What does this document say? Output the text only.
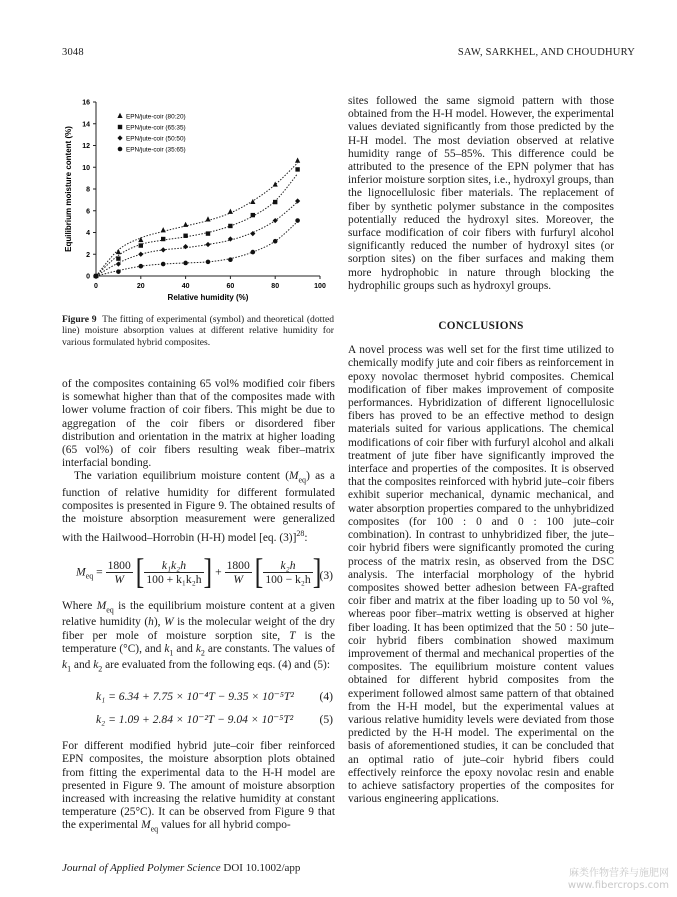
3048	SAW, SARKHEL, AND CHOUDHURY
0	20	40	60	80	100
0
2
4
6
8
10
12
14
16
Relative humidity (%)
Equilibrium moisture content (%)
EPN/jute-coir (80:20)
EPN/jute-coir (65:35)
EPN/jute-coir (50:50)
EPN/jute-coir (35:65)
Figure 9 The fitting of experimental (symbol) and theoretical (dotted line) moisture absorption values at different relative humidity for various formulated hybrid composites.

of the composites containing 65 vol% modified coir fibers is somewhat higher than that of the composites made with lower volume fraction of coir fibers. This might be due to aggregation of the coir fibers or disordered fiber distribution and orientation in the matrix at higher loading (65 vol%) of coir fibers resulting weak fiber–matrix interfacial bonding.

The variation equilibrium moisture content $(M_{eq})$ as a function of relative humidity for different formulated composites is presented in Figure 9. The obtained results of the moisture absorption measurement were generalized with the Hailwood–Horrobin (H-H) model [eq. (3)]$^{28}$:

$M_{eq} = \frac{1800}{W}$ [ $\frac{\text{k₁k₂h}}{\text{100 + k₁k₂h}}$ ] + $\frac{1800}{W}$ [ $\frac{\text{k₂h}}{\text{100 − k₂h}}$ ]
(3)

Where $M_{eq}$ is the equilibrium moisture content at a given relative humidity (h), W is the molecular weight of the dry fiber per mole of moisture sorption site, T is the temperature (°C), and $k_1$ and $k_2$ are constants. The values of $k_1$ and $k_2$ are evaluated from the following eqs. (4) and (5):

k₁ = 6.34 + 7.75 × 10⁻⁴T − 9.35 × 10⁻⁵T² (4)
k₂ = 1.09 + 2.84 × 10⁻²T − 9.04 × 10⁻⁵T² (5)

For different modified hybrid jute–coir fiber reinforced EPN composites, the moisture absorption plots obtained from fitting the experimental data to the H-H model are presented in Figure 9. The amount of moisture absorption increased with increasing the relative humidity at constant temperature (25°C). It can be observed from Figure 9 that the experimental $M_{eq}$ values for all hybrid compo-

sites followed the same sigmoid pattern with those obtained from the H-H model. However, the experimental values deviated significantly from those predicted by the H-H model. The most deviation observed at relative humidity range of 55–85%. This difference could be attributed to the presence of the EPN polymer that has inferior moisture sorption sites, i.e., hydroxyl groups, than the lignocellulosic fiber materials. The replacement of fiber by synthetic polymer substance in the composites potentially reduced the hydroxyl sites. Moreover, the surface modification of coir fibers with furfuryl alcohol significantly reduced the number of hydroxyl sites (or sorption sites) on the fiber surfaces and making them more hydrophobic in nature through blocking the hydrophilic groups such as hydroxyl groups.

CONCLUSIONS

A novel process was well set for the first time utilized to chemically modify jute and coir fibers as reinforcement in epoxy novolac thermoset hybrid composites. Chemical modification of fiber makes improvement of composite performances. Hybridization of different lignocellulosic fibers has proved to be an effective method to design materials suited for various applications. The chemical modifications of coir fiber with furfuryl alcohol and alkali treatment of jute fiber have significantly improved the interface and properties of the composites. It is observed that the composites reinforced with hybrid jute–coir fibers exhibit superior mechanical, dynamic mechanical, and water absorption properties compared to the unhybridized composites (for 100 : 0 and 0 : 100 jute–coir combination). In contrast to unhybridized fiber, the jute–coir hybrid fibers were significantly promoted the curing process of the matrix resin, as observed from the DSC analysis. The interfacial morphology of the hybrid composites showed better adhesion between FA-grafted coir fiber and matrix at the fiber loading up to 50 vol %, whereas poor fiber–matrix wetting is observed at higher fiber loading. It has been optimized that the 50 : 50 jute–coir hybrid fibers combination showed maximum improvement of thermal and mechanical properties of the composites. The equilibrium moisture content values obtained for different hybrid composites from the experiment followed almost same pattern of that obtained from the H-H model, but the experimental values at various relative humidity levels were deviated from those predicted by the H-H model. The experimental on the basis of aforementioned studies, it can be concluded that an optimal ratio of jute–coir hybrid fibers could effectively reinforce the epoxy novolac resin and enable to achieve satisfactory properties of the composites for various engineering applications.

Journal of Applied Polymer Science DOI 10.1002/app	麻类作物营养与施肥网
www.fibercrops.com
